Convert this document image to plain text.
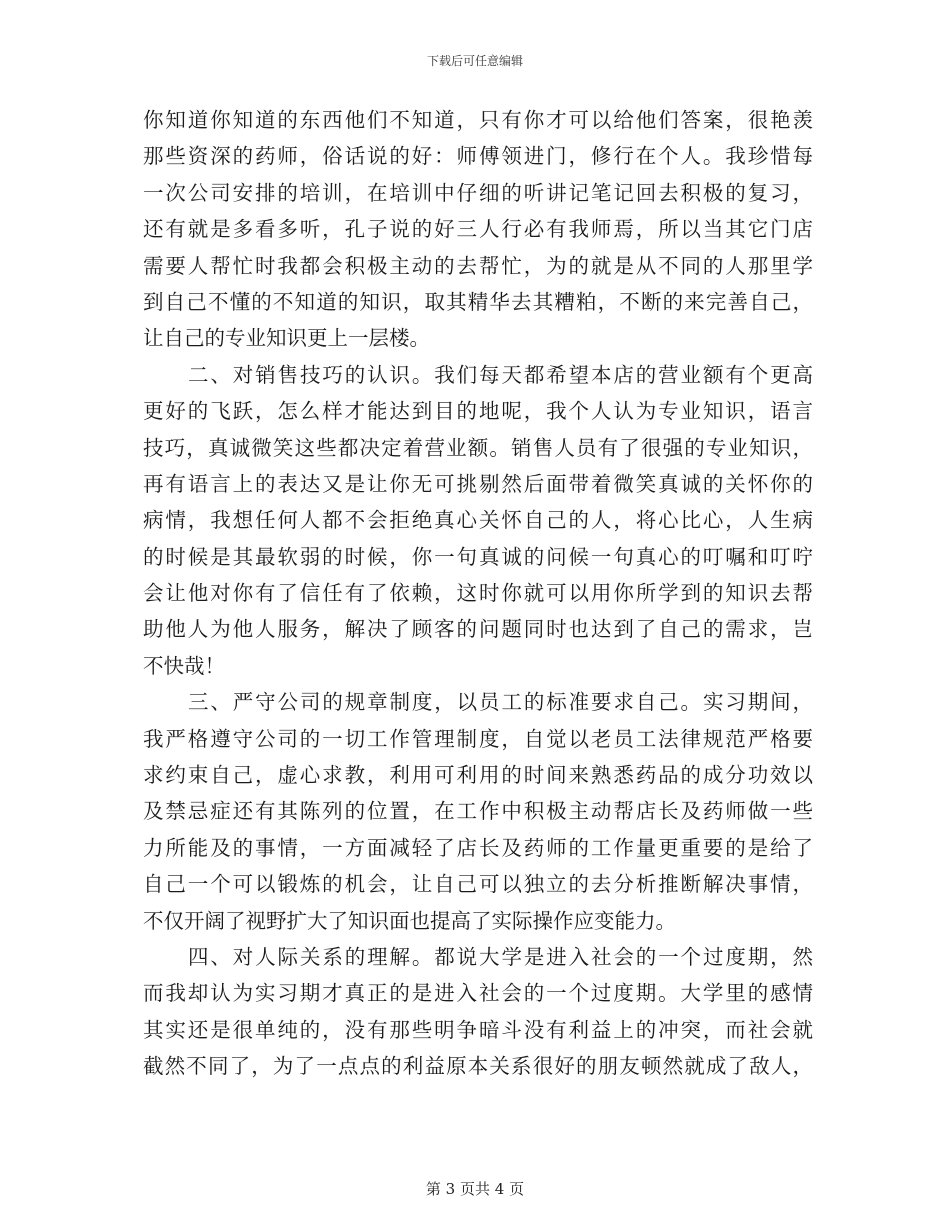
下载后可任意编辑
你知道你知道的东西他们不知道，只有你才可以给他们答案，很艳羡
那些资深的药师，俗话说的好：师傅领进门，修行在个人。我珍惜每
一次公司安排的培训，在培训中仔细的听讲记笔记回去积极的复习，
还有就是多看多听，孔子说的好三人行必有我师焉，所以当其它门店
需要人帮忙时我都会积极主动的去帮忙，为的就是从不同的人那里学
到自己不懂的不知道的知识，取其精华去其糟粕，不断的来完善自己，
让自己的专业知识更上一层楼。
二、对销售技巧的认识。我们每天都希望本店的营业额有个更高
更好的飞跃，怎么样才能达到目的地呢，我个人认为专业知识，语言
技巧，真诚微笑这些都决定着营业额。销售人员有了很强的专业知识，
再有语言上的表达又是让你无可挑剔然后面带着微笑真诚的关怀你的
病情，我想任何人都不会拒绝真心关怀自己的人，将心比心，人生病
的时候是其最软弱的时候，你一句真诚的问候一句真心的叮嘱和叮咛
会让他对你有了信任有了依赖，这时你就可以用你所学到的知识去帮
助他人为他人服务，解决了顾客的问题同时也达到了自己的需求，岂
不快哉！
三、严守公司的规章制度，以员工的标准要求自己。实习期间，
我严格遵守公司的一切工作管理制度，自觉以老员工法律规范严格要
求约束自己，虚心求教，利用可利用的时间来熟悉药品的成分功效以
及禁忌症还有其陈列的位置，在工作中积极主动帮店长及药师做一些
力所能及的事情，一方面减轻了店长及药师的工作量更重要的是给了
自己一个可以锻炼的机会，让自己可以独立的去分析推断解决事情，
不仅开阔了视野扩大了知识面也提高了实际操作应变能力。
四、对人际关系的理解。都说大学是进入社会的一个过度期，然
而我却认为实习期才真正的是进入社会的一个过度期。大学里的感情
其实还是很单纯的，没有那些明争暗斗没有利益上的冲突，而社会就
截然不同了，为了一点点的利益原本关系很好的朋友顿然就成了敌人，
第 3 页共 4 页
